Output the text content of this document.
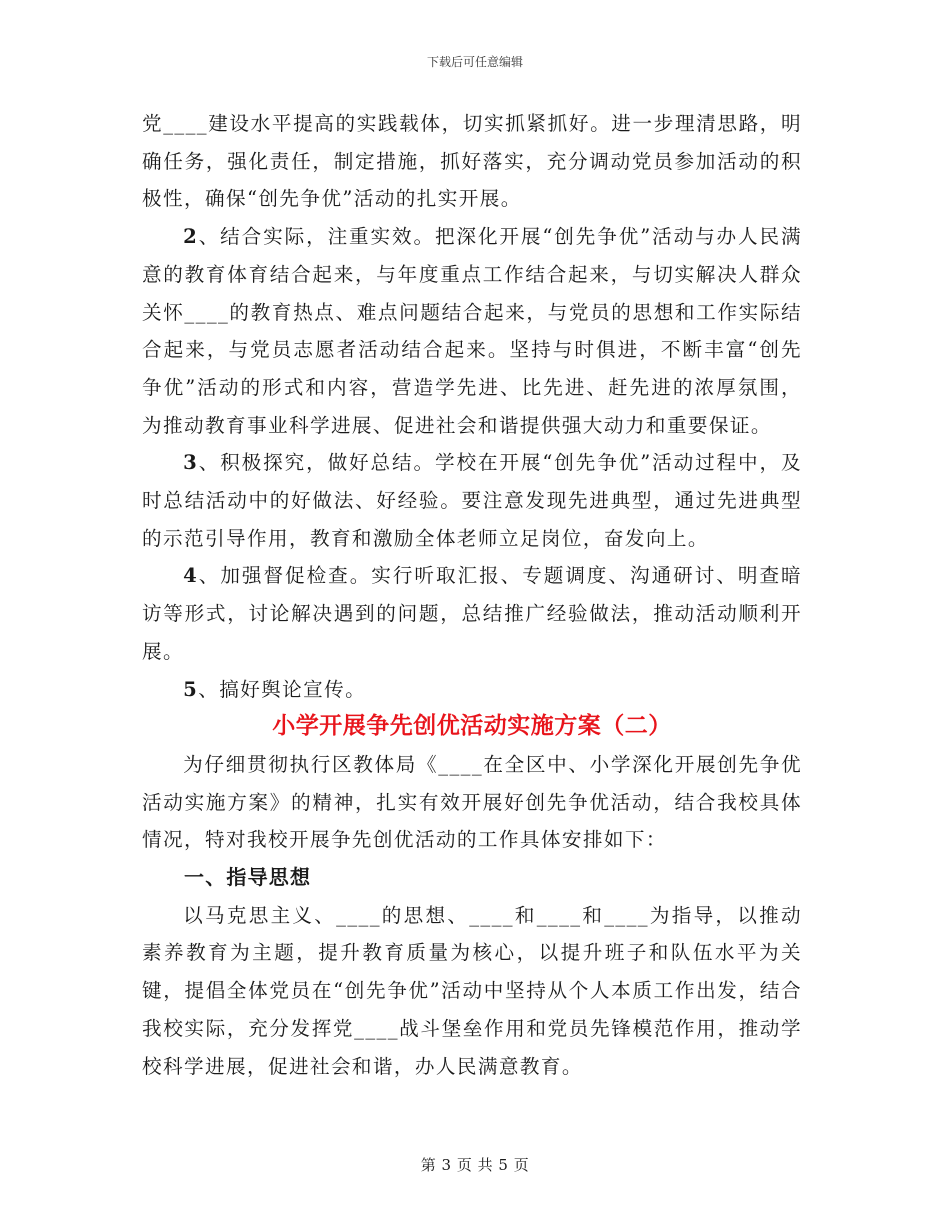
下载后可任意编辑

党____建设水平提高的实践载体，切实抓紧抓好。进一步理清思路，明确任务，强化责任，制定措施，抓好落实，充分调动党员参加活动的积极性，确保“创先争优”活动的扎实开展。

2、结合实际，注重实效。把深化开展“创先争优”活动与办人民满意的教育体育结合起来，与年度重点工作结合起来，与切实解决人群众关怀____的教育热点、难点问题结合起来，与党员的思想和工作实际结合起来，与党员志愿者活动结合起来。坚持与时俱进，不断丰富“创先争优”活动的形式和内容，营造学先进、比先进、赶先进的浓厚氛围，为推动教育事业科学进展、促进社会和谐提供强大动力和重要保证。

3、积极探究，做好总结。学校在开展“创先争优”活动过程中，及时总结活动中的好做法、好经验。要注意发现先进典型，通过先进典型的示范引导作用，教育和激励全体老师立足岗位，奋发向上。

4、加强督促检查。实行听取汇报、专题调度、沟通研讨、明查暗访等形式，讨论解决遇到的问题，总结推广经验做法，推动活动顺利开展。

5、搞好舆论宣传。

小学开展争先创优活动实施方案（二）

为仔细贯彻执行区教体局《____在全区中、小学深化开展创先争优活动实施方案》的精神，扎实有效开展好创先争优活动，结合我校具体情况，特对我校开展争先创优活动的工作具体安排如下：

一、指导思想

以马克思主义、____的思想、____和____和____为指导，以推动素养教育为主题，提升教育质量为核心，以提升班子和队伍水平为关键，提倡全体党员在“创先争优”活动中坚持从个人本质工作出发，结合我校实际，充分发挥党____战斗堡垒作用和党员先锋模范作用，推动学校科学进展，促进社会和谐，办人民满意教育。

第 3 页 共 5 页
